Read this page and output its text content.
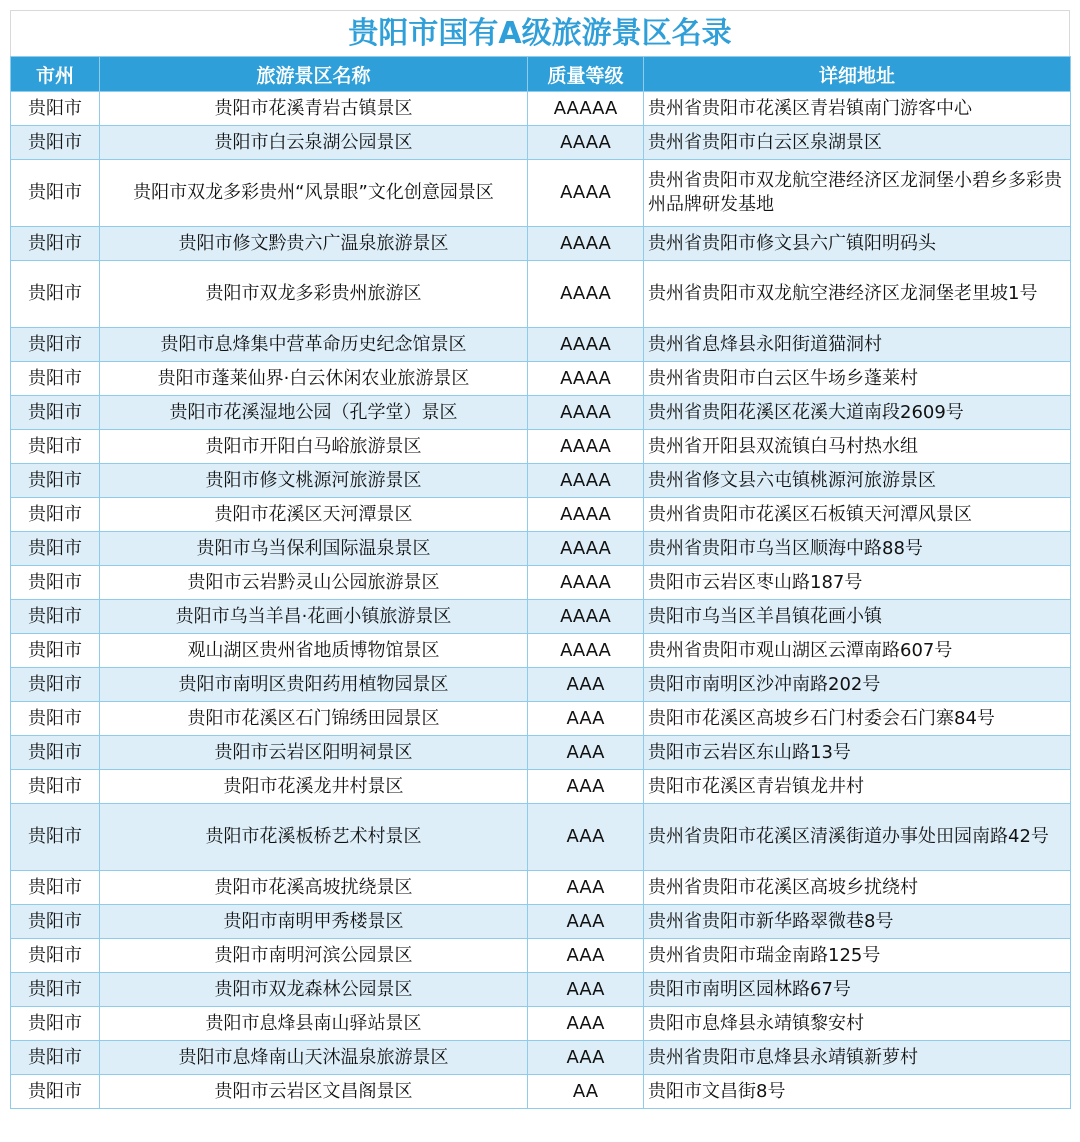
贵阳市国有A级旅游景区名录
市州	旅游景区名称	质量等级	详细地址
贵阳市	贵阳市花溪青岩古镇景区	AAAAA	贵州省贵阳市花溪区青岩镇南门游客中心
贵阳市	贵阳市白云泉湖公园景区	AAAA	贵州省贵阳市白云区泉湖景区
贵阳市	贵阳市双龙多彩贵州“风景眼”文化创意园景区	AAAA	贵州省贵阳市双龙航空港经济区龙洞堡小碧乡多彩贵州品牌研发基地
贵阳市	贵阳市修文黔贵六广温泉旅游景区	AAAA	贵州省贵阳市修文县六广镇阳明码头
贵阳市	贵阳市双龙多彩贵州旅游区	AAAA	贵州省贵阳市双龙航空港经济区龙洞堡老里坡1号
贵阳市	贵阳市息烽集中营革命历史纪念馆景区	AAAA	贵州省息烽县永阳街道猫洞村
贵阳市	贵阳市蓬莱仙界·白云休闲农业旅游景区	AAAA	贵州省贵阳市白云区牛场乡蓬莱村
贵阳市	贵阳市花溪湿地公园（孔学堂）景区	AAAA	贵州省贵阳花溪区花溪大道南段2609号
贵阳市	贵阳市开阳白马峪旅游景区	AAAA	贵州省开阳县双流镇白马村热水组
贵阳市	贵阳市修文桃源河旅游景区	AAAA	贵州省修文县六屯镇桃源河旅游景区
贵阳市	贵阳市花溪区天河潭景区	AAAA	贵州省贵阳市花溪区石板镇天河潭风景区
贵阳市	贵阳市乌当保利国际温泉景区	AAAA	贵州省贵阳市乌当区顺海中路88号
贵阳市	贵阳市云岩黔灵山公园旅游景区	AAAA	贵阳市云岩区枣山路187号
贵阳市	贵阳市乌当羊昌·花画小镇旅游景区	AAAA	贵阳市乌当区羊昌镇花画小镇
贵阳市	观山湖区贵州省地质博物馆景区	AAAA	贵州省贵阳市观山湖区云潭南路607号
贵阳市	贵阳市南明区贵阳药用植物园景区	AAA	贵阳市南明区沙冲南路202号
贵阳市	贵阳市花溪区石门锦绣田园景区	AAA	贵阳市花溪区高坡乡石门村委会石门寨84号
贵阳市	贵阳市云岩区阳明祠景区	AAA	贵阳市云岩区东山路13号
贵阳市	贵阳市花溪龙井村景区	AAA	贵阳市花溪区青岩镇龙井村
贵阳市	贵阳市花溪板桥艺术村景区	AAA	贵州省贵阳市花溪区清溪街道办事处田园南路42号
贵阳市	贵阳市花溪高坡扰绕景区	AAA	贵州省贵阳市花溪区高坡乡扰绕村
贵阳市	贵阳市南明甲秀楼景区	AAA	贵州省贵阳市新华路翠微巷8号
贵阳市	贵阳市南明河滨公园景区	AAA	贵州省贵阳市瑞金南路125号
贵阳市	贵阳市双龙森林公园景区	AAA	贵阳市南明区园林路67号
贵阳市	贵阳市息烽县南山驿站景区	AAA	贵阳市息烽县永靖镇黎安村
贵阳市	贵阳市息烽南山天沐温泉旅游景区	AAA	贵州省贵阳市息烽县永靖镇新萝村
贵阳市	贵阳市云岩区文昌阁景区	AA	贵阳市文昌街8号
